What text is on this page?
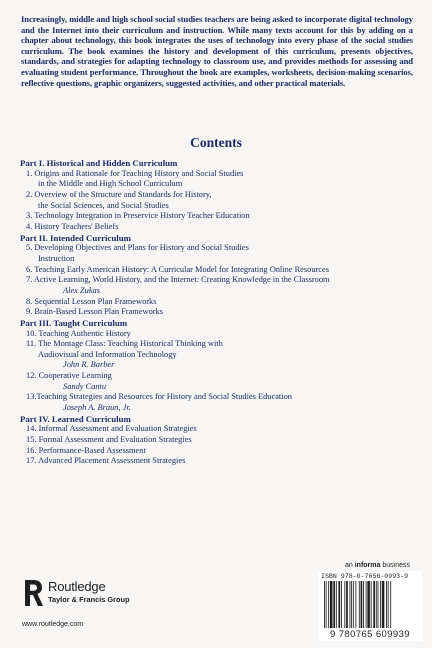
Increasingly, middle and high school social studies teachers are being asked to incorporate digital technology and the Internet into their curriculum and instruction. While many texts account for this by adding on a chapter about technology, this book integrates the uses of technology into every phase of the social studies curriculum. The book examines the history and development of this curriculum, presents objectives, standards, and strategies for adapting technology to classroom use, and provides methods for assessing and evaluating student performance. Throughout the book are examples, worksheets, decision-making scenarios, reflective questions, graphic organizers, suggested activities, and other practical materials.
Contents
Part I. Historical and Hidden Curriculum
1. Origins and Rationale for Teaching History and Social Studies
in the Middle and High School Curriculum
2. Overview of the Structure and Standards for History,
the Social Sciences, and Social Studies
3. Technology Integration in Preservice History Teacher Education
4. History Teachers' Beliefs
Part II. Intended Curriculum
5. Developing Objectives and Plans for History and Social Studies
Instruction
6. Teaching Early American History: A Curricular Model for Integrating Online Resources
7. Active Learning, World History, and the Internet: Creating Knowledge in the Classroom
Alex Zukas
8. Sequential Lesson Plan Frameworks
9. Brain-Based Lesson Plan Frameworks
Part III. Taught Curriculum
10. Teaching Authentic History
11. The Montage Class: Teaching Historical Thinking with
Audiovisual and Information Technology
John R. Barber
12. Cooperative Learning
Sandy Cantu
13.Teaching Strategies and Resources for History and Social Studies Education
Joseph A. Braun, Jr.
Part IV. Learned Curriculum
14. Informal Assessment and Evaluation Strategies
15. Formal Assessment and Evaluation Strategies
16. Performance-Based Assessment
17. Advanced Placement Assessment Strategies
Routledge
Taylor & Francis Group
www.routledge.com
an informa business
ISBN 978-0-7656-0993-9
9 780765 609939
